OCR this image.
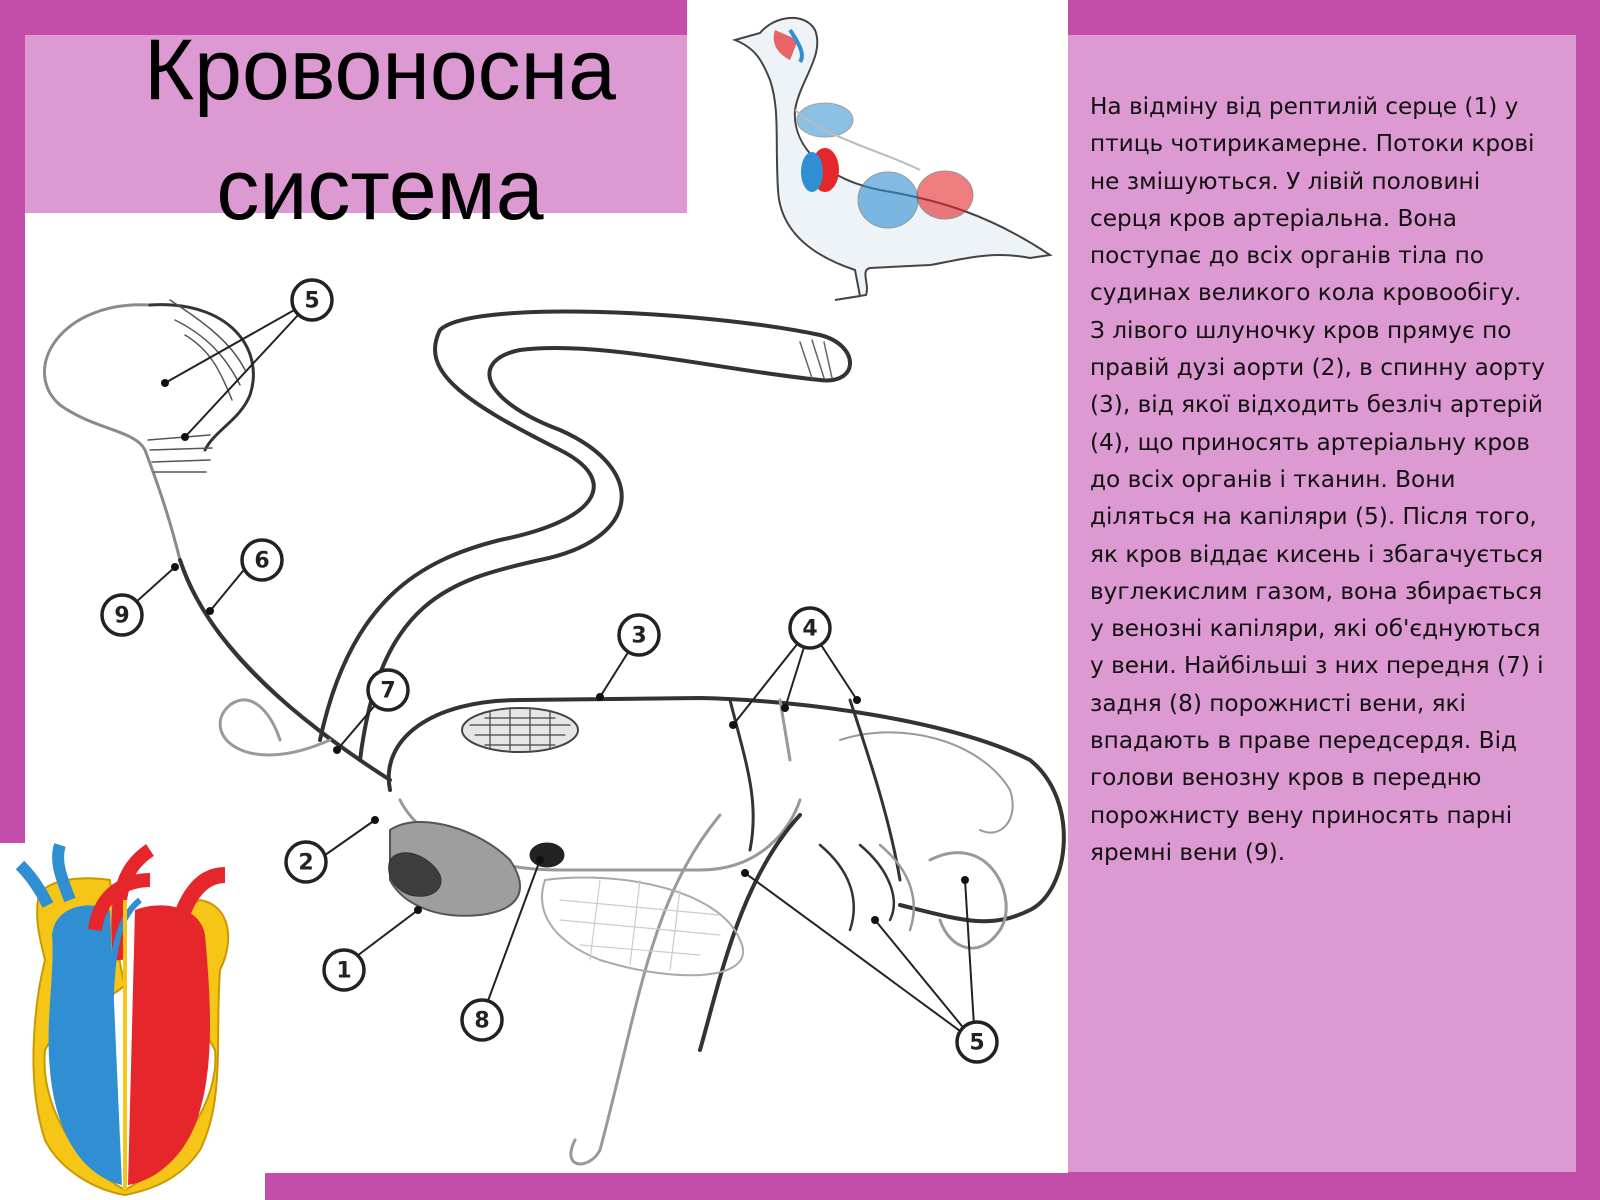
Кровоносна
система

На відміну від рептилій серце (1) у птиць чотирикамерне. Потоки крові не змішуються. У лівій половині серця кров артеріальна. Вона поступає до всіх органів тіла по судинах великого кола кровообігу.
З лівого шлуночку кров прямує по правій дузі аорти (2), в спинну аорту (3), від якої відходить безліч артерій (4), що приносять артеріальну кров до всіх органів і тканин. Вони діляться на капіляри (5). Після того, як кров віддає кисень і збагачується вуглекислим газом, вона збирається у венозні капіляри, які об'єднуються у вени. Найбільші з них передня (7) і задня (8) порожнисті вени, які впадають в праве передсердя. Від голови венозну кров в передню порожнисту вену приносять парні яремні вени (9).

5
6
9
7
3	4
2
1
8
5
